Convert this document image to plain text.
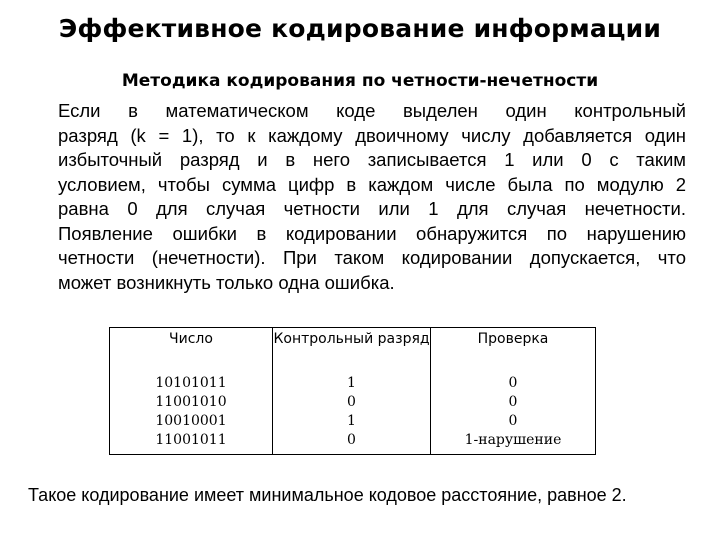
Эффективное кодирование информации
Методика кодирования по четности-нечетности
Если в математическом коде выделен один контрольный
разряд (k = 1), то к каждому двоичному числу добавляется один
избыточный разряд и в него записывается 1 или 0 с таким
условием, чтобы сумма цифр в каждом числе была по модулю 2
равна 0 для случая четности или 1 для случая нечетности.
Появление ошибки в кодировании обнаружится по нарушению
четности (нечетности). При таком кодировании допускается, что
может возникнуть только одна ошибка.
Число	Контрольный разряд	Проверка
10101011	1	0
11001010	0	0
10010001	1	0
11001011	0	1-нарушение
Такое кодирование имеет минимальное кодовое расстояние, равное 2.
